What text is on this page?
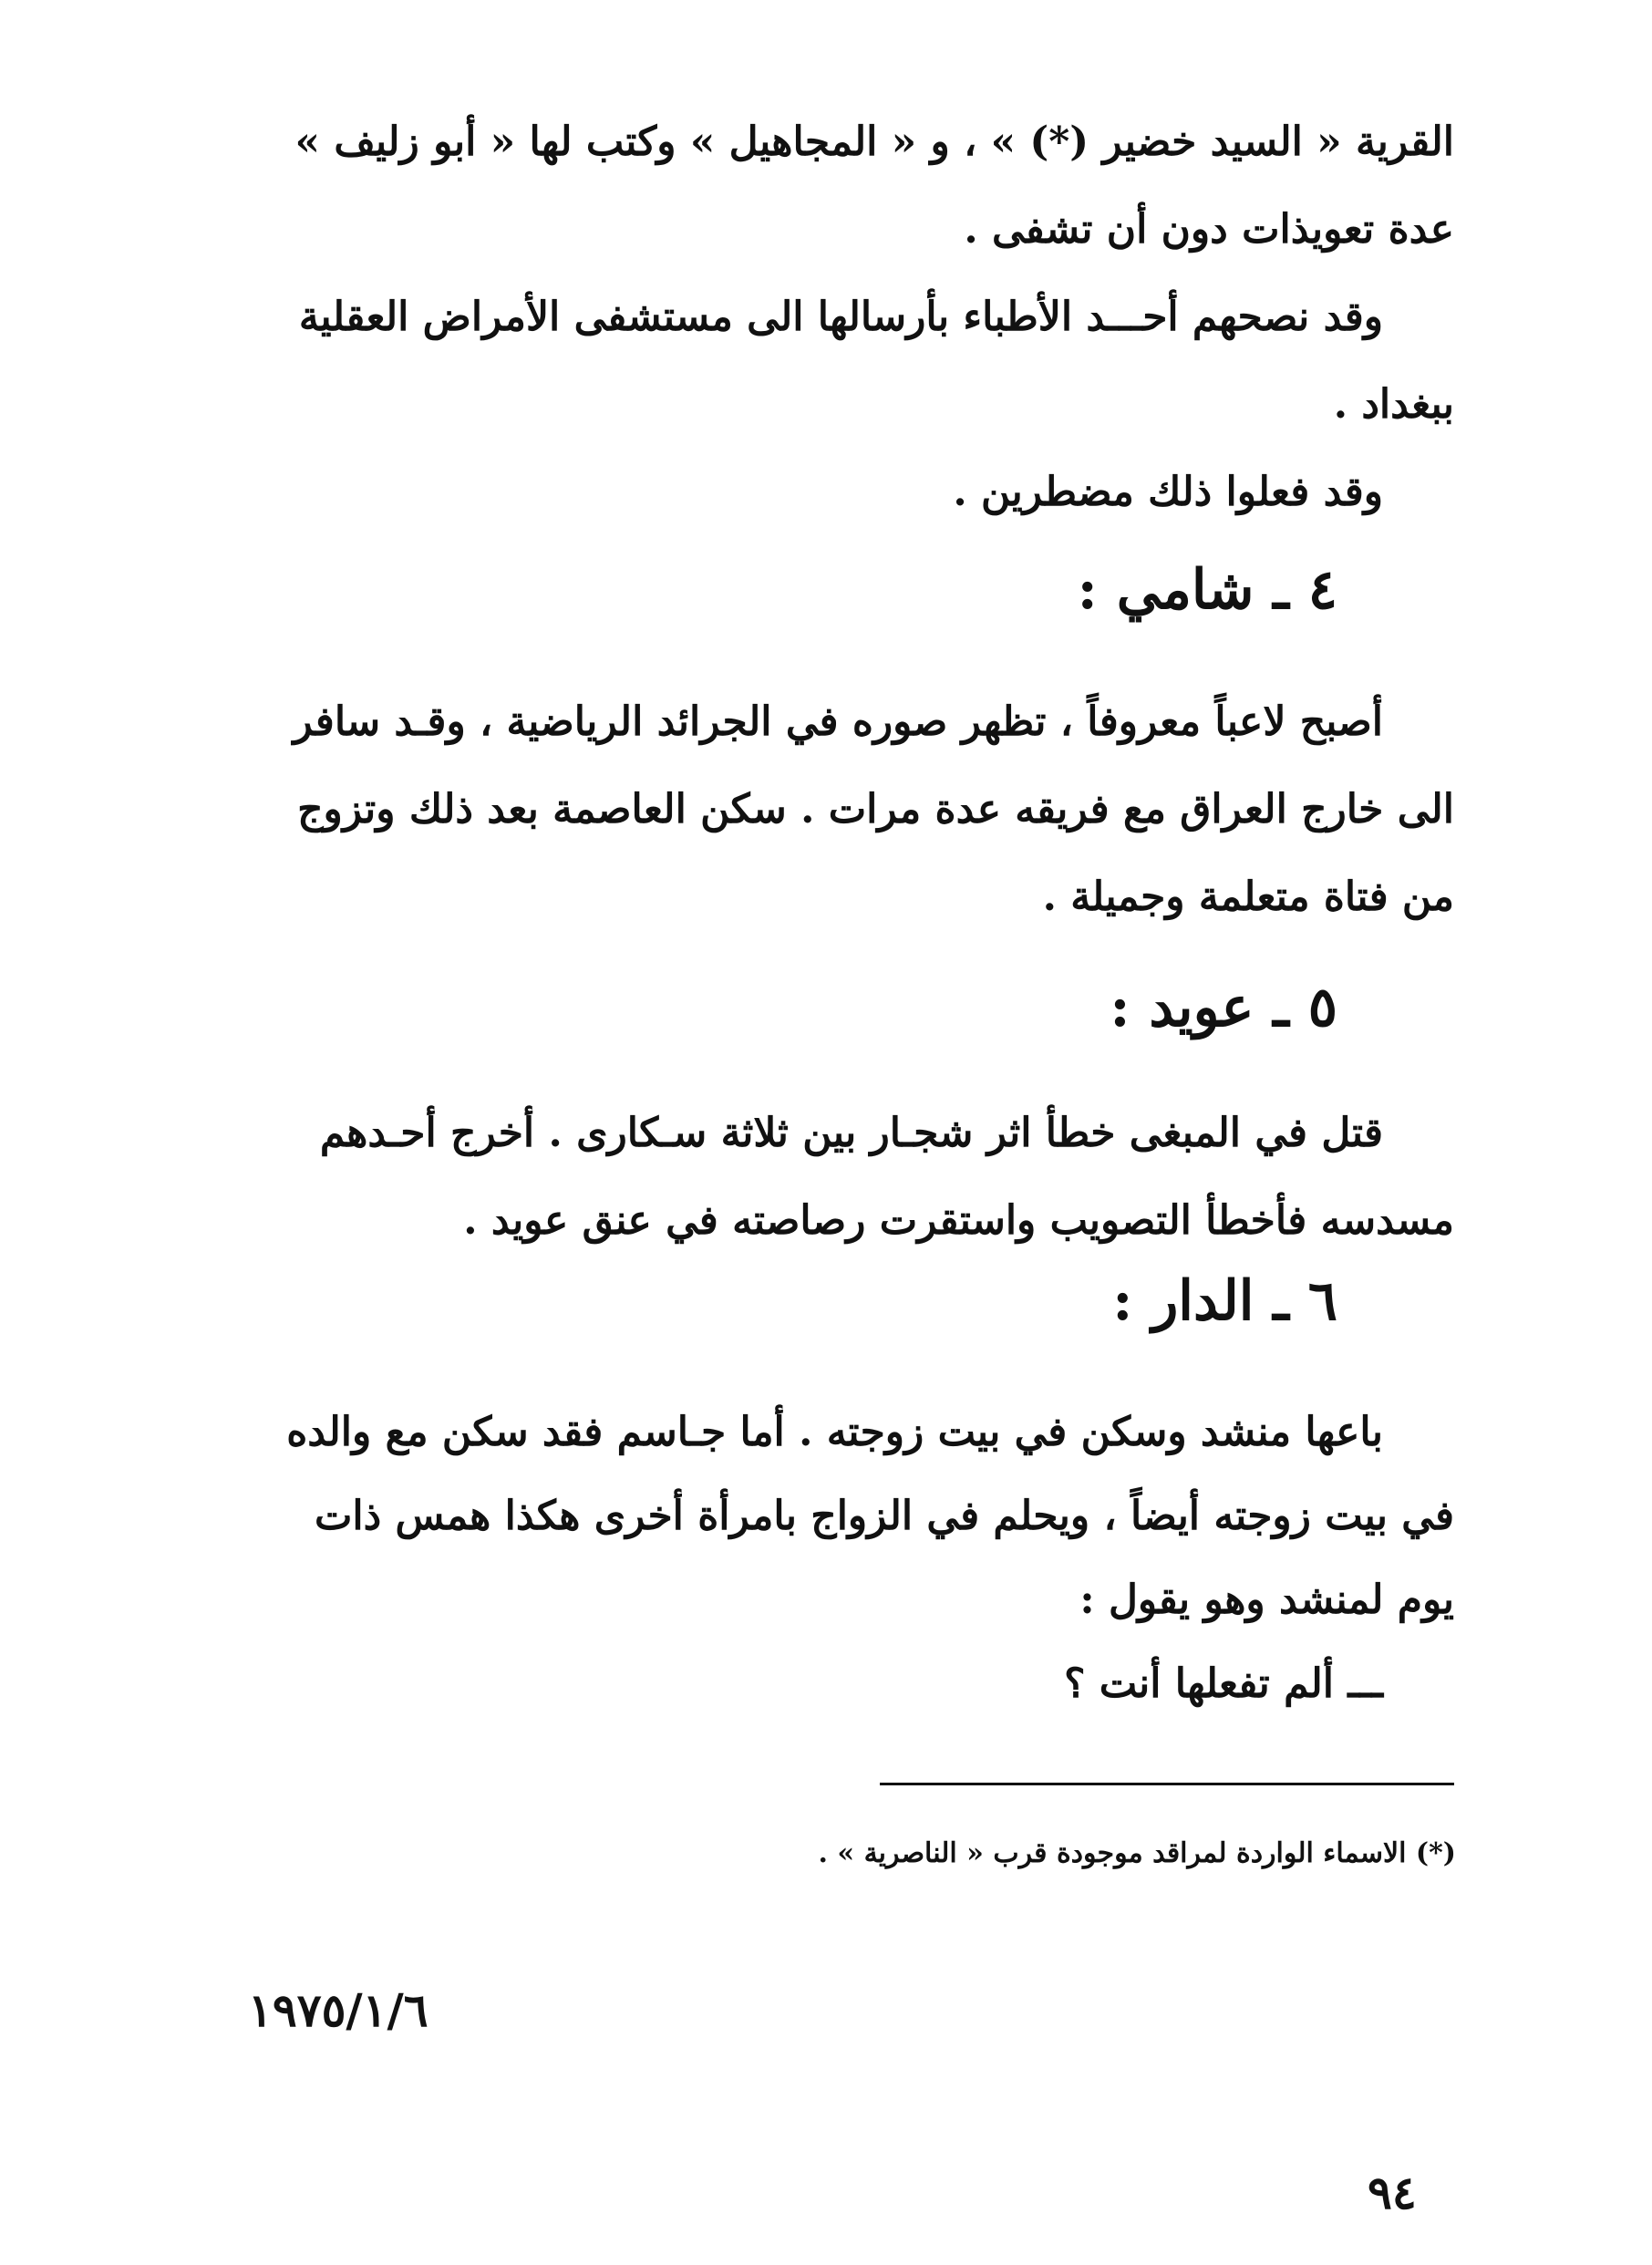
القرية « السيد خضير (*) » ، و « المجاهيل » وكتب لها « أبو زليف »
عدة تعويذات دون أن تشفى .
وقد نصحهم أحـــد الأطباء بأرسالها الى مستشفى الأمراض العقلية
ببغداد .
وقد فعلوا ذلك مضطرين .
٤ ـ شامي :
أصبح لاعباً معروفاً ، تظهر صوره في الجرائد الرياضية ، وقـد سافر
الى خارج العراق مع فريقه عدة مرات . سكن العاصمة بعد ذلك وتزوج
من فتاة متعلمة وجميلة .
٥ ـ عويد :
قتل في المبغى خطأ اثر شجـار بين ثلاثة سـكارى . أخرج أحـدهم
مسدسه فأخطأ التصويب واستقرت رصاصته في عنق عويد .
٦ ـ الدار :
باعها منشد وسكن في بيت زوجته . أما جـاسم فقد سكن مع والده
في بيت زوجته أيضاً ، ويحلم في الزواج بامرأة أخرى هكذا همس ذات
يوم لمنشد وهو يقول :
ـــ ألم تفعلها أنت ؟
(*) الاسماء الواردة لمراقد موجودة قرب « الناصرية » .
١٩٧٥/١/٦
٩٤
